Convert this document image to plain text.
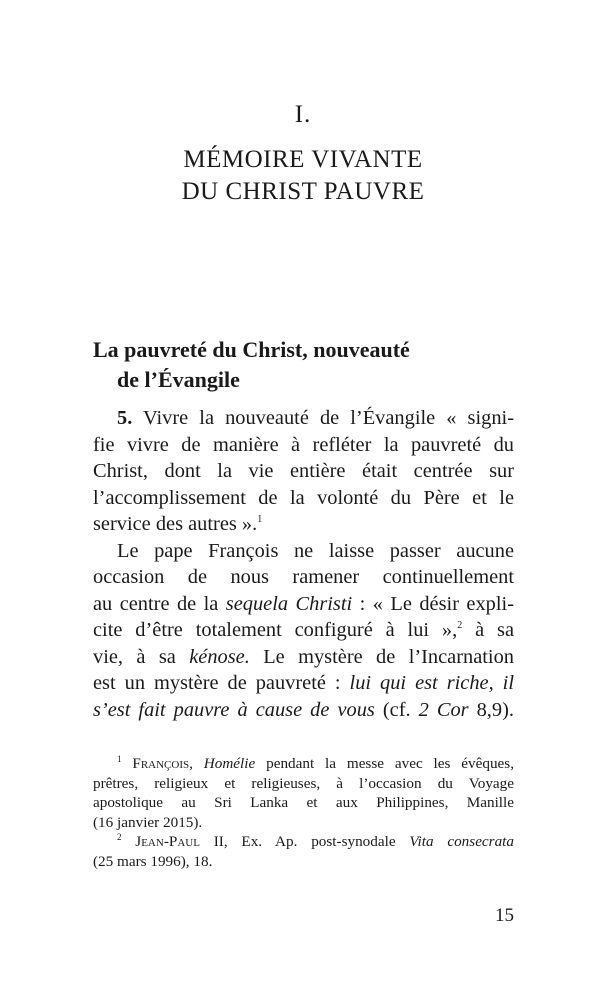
I.
MÉMOIRE VIVANTE
DU CHRIST PAUVRE
La pauvreté du Christ, nouveauté
de l’Évangile
5. Vivre la nouveauté de l’Évangile « signi-
fie vivre de manière à refléter la pauvreté du
Christ, dont la vie entière était centrée sur
l’accomplissement de la volonté du Père et le
service des autres ».$^1$
Le pape François ne laisse passer aucune
occasion de nous ramener continuellement
au centre de la sequela Christi : « Le désir expli-
cite d’être totalement configuré à lui »,$^2$ à sa
vie, à sa kénose. Le mystère de l’Incarnation
est un mystère de pauvreté : lui qui est riche, il
s’est fait pauvre à cause de vous (cf. 2 Cor 8,9).
$^1$ François, Homélie pendant la messe avec les évêques,
prêtres, religieux et religieuses, à l’occasion du Voyage
apostolique au Sri Lanka et aux Philippines, Manille
(16 janvier 2015).
$^2$ Jean-Paul II, Ex. Ap. post-synodale Vita consecrata
(25 mars 1996), 18.
15
